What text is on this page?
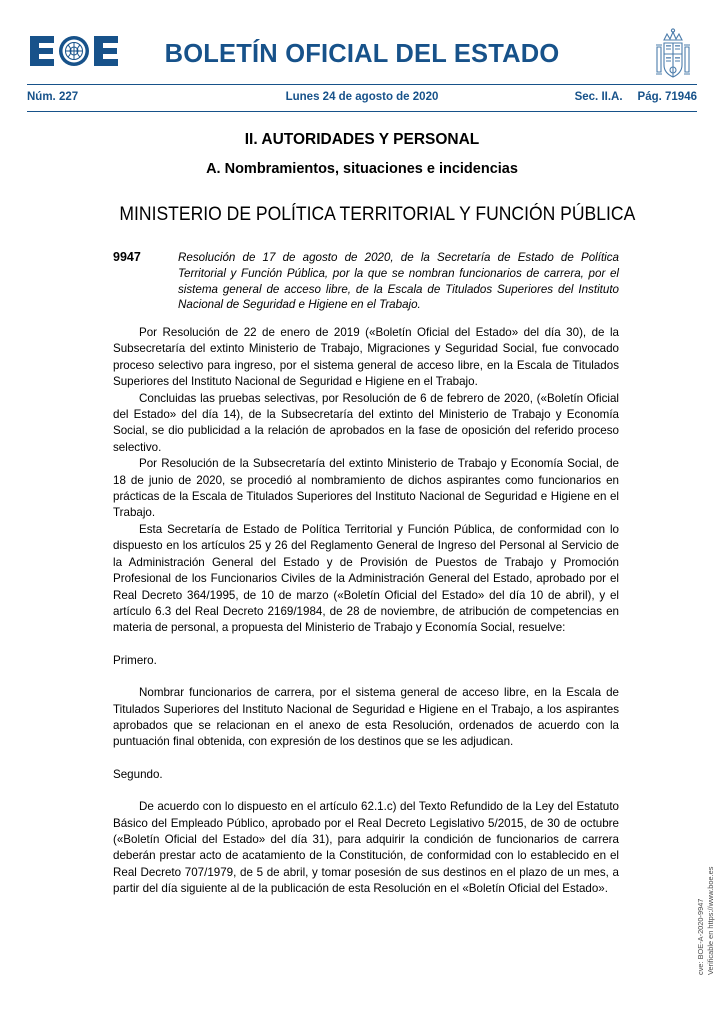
BOLETÍN OFICIAL DEL ESTADO
Núm. 227	Lunes 24 de agosto de 2020	Sec. II.A. Pág. 71946
II. AUTORIDADES Y PERSONAL
A. Nombramientos, situaciones e incidencias
MINISTERIO DE POLÍTICA TERRITORIAL Y FUNCIÓN PÚBLICA
9947	Resolución de 17 de agosto de 2020, de la Secretaría de Estado de Política Territorial y Función Pública, por la que se nombran funcionarios de carrera, por el sistema general de acceso libre, de la Escala de Titulados Superiores del Instituto Nacional de Seguridad e Higiene en el Trabajo.

Por Resolución de 22 de enero de 2019 («Boletín Oficial del Estado» del día 30), de la Subsecretaría del extinto Ministerio de Trabajo, Migraciones y Seguridad Social, fue convocado proceso selectivo para ingreso, por el sistema general de acceso libre, en la Escala de Titulados Superiores del Instituto Nacional de Seguridad e Higiene en el Trabajo.

Concluidas las pruebas selectivas, por Resolución de 6 de febrero de 2020, («Boletín Oficial del Estado» del día 14), de la Subsecretaría del extinto del Ministerio de Trabajo y Economía Social, se dio publicidad a la relación de aprobados en la fase de oposición del referido proceso selectivo.

Por Resolución de la Subsecretaría del extinto Ministerio de Trabajo y Economía Social, de 18 de junio de 2020, se procedió al nombramiento de dichos aspirantes como funcionarios en prácticas de la Escala de Titulados Superiores del Instituto Nacional de Seguridad e Higiene en el Trabajo.

Esta Secretaría de Estado de Política Territorial y Función Pública, de conformidad con lo dispuesto en los artículos 25 y 26 del Reglamento General de Ingreso del Personal al Servicio de la Administración General del Estado y de Provisión de Puestos de Trabajo y Promoción Profesional de los Funcionarios Civiles de la Administración General del Estado, aprobado por el Real Decreto 364/1995, de 10 de marzo («Boletín Oficial del Estado» del día 10 de abril), y el artículo 6.3 del Real Decreto 2169/1984, de 28 de noviembre, de atribución de competencias en materia de personal, a propuesta del Ministerio de Trabajo y Economía Social, resuelve:

Primero.

Nombrar funcionarios de carrera, por el sistema general de acceso libre, en la Escala de Titulados Superiores del Instituto Nacional de Seguridad e Higiene en el Trabajo, a los aspirantes aprobados que se relacionan en el anexo de esta Resolución, ordenados de acuerdo con la puntuación final obtenida, con expresión de los destinos que se les adjudican.

Segundo.

De acuerdo con lo dispuesto en el artículo 62.1.c) del Texto Refundido de la Ley del Estatuto Básico del Empleado Público, aprobado por el Real Decreto Legislativo 5/2015, de 30 de octubre («Boletín Oficial del Estado» del día 31), para adquirir la condición de funcionarios de carrera deberán prestar acto de acatamiento de la Constitución, de conformidad con lo establecido en el Real Decreto 707/1979, de 5 de abril, y tomar posesión de sus destinos en el plazo de un mes, a partir del día siguiente al de la publicación de esta Resolución en el «Boletín Oficial del Estado».

cve: BOE-A-2020-9947 Verificable en https://www.boe.es
